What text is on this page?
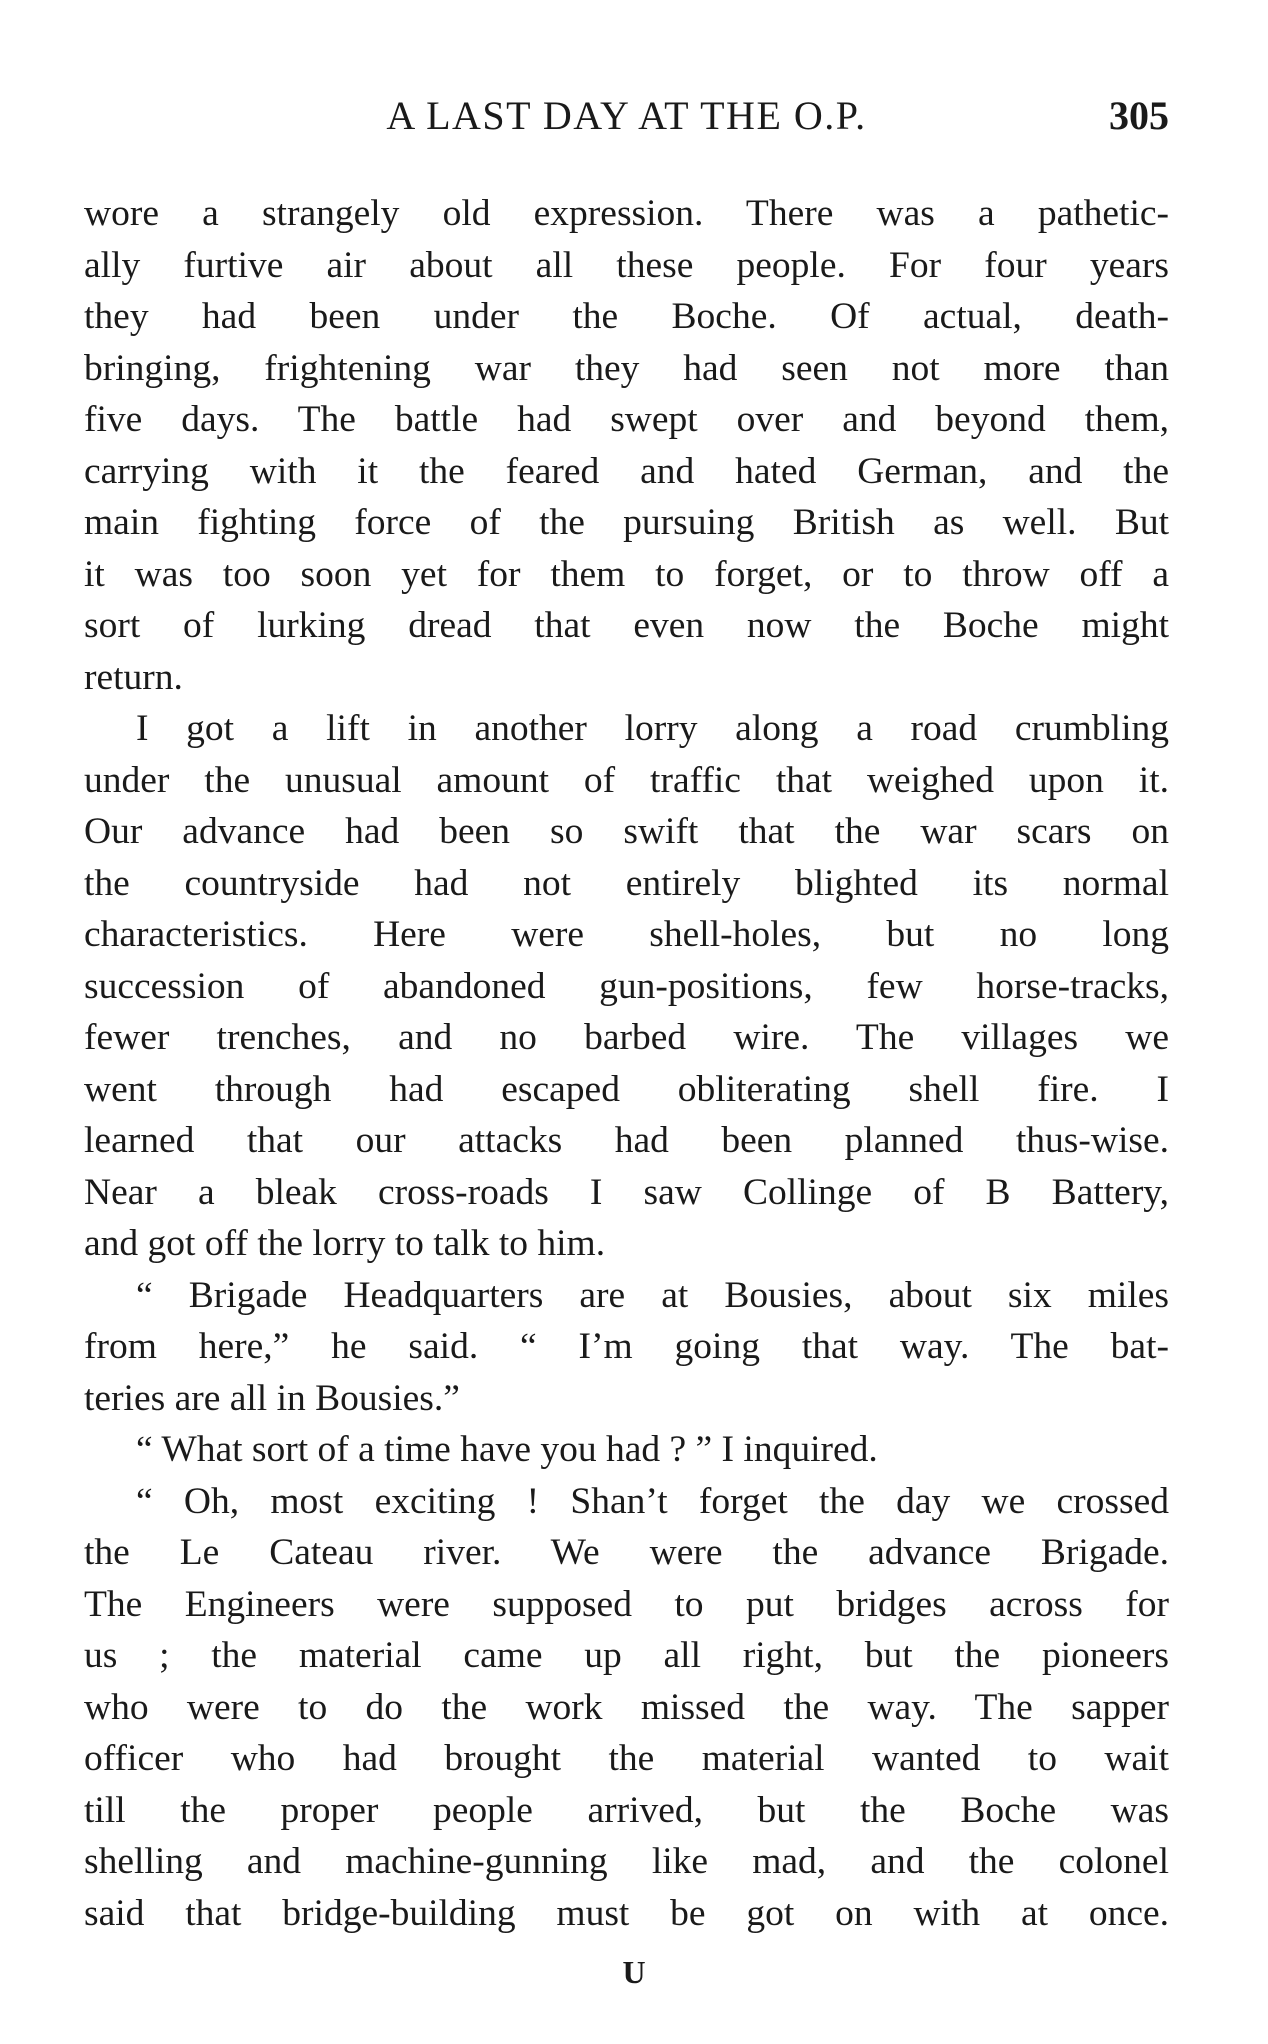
A LAST DAY AT THE O.P.	305
wore a strangely old expression. There was a pathetic-
ally furtive air about all these people. For four years
they had been under the Boche. Of actual, death-
bringing, frightening war they had seen not more than
five days. The battle had swept over and beyond them,
carrying with it the feared and hated German, and the
main fighting force of the pursuing British as well. But
it was too soon yet for them to forget, or to throw off a
sort of lurking dread that even now the Boche might
return.
I got a lift in another lorry along a road crumbling
under the unusual amount of traffic that weighed upon it.
Our advance had been so swift that the war scars on
the countryside had not entirely blighted its normal
characteristics. Here were shell-holes, but no long
succession of abandoned gun-positions, few horse-tracks,
fewer trenches, and no barbed wire. The villages we
went through had escaped obliterating shell fire. I
learned that our attacks had been planned thus-wise.
Near a bleak cross-roads I saw Collinge of B Battery,
and got off the lorry to talk to him.
“ Brigade Headquarters are at Bousies, about six miles
from here,” he said. “ I’m going that way. The bat-
teries are all in Bousies.”
“ What sort of a time have you had ? ” I inquired.
“ Oh, most exciting ! Shan’t forget the day we crossed
the Le Cateau river. We were the advance Brigade.
The Engineers were supposed to put bridges across for
us ; the material came up all right, but the pioneers
who were to do the work missed the way. The sapper
officer who had brought the material wanted to wait
till the proper people arrived, but the Boche was
shelling and machine-gunning like mad, and the colonel
said that bridge-building must be got on with at once.
U
